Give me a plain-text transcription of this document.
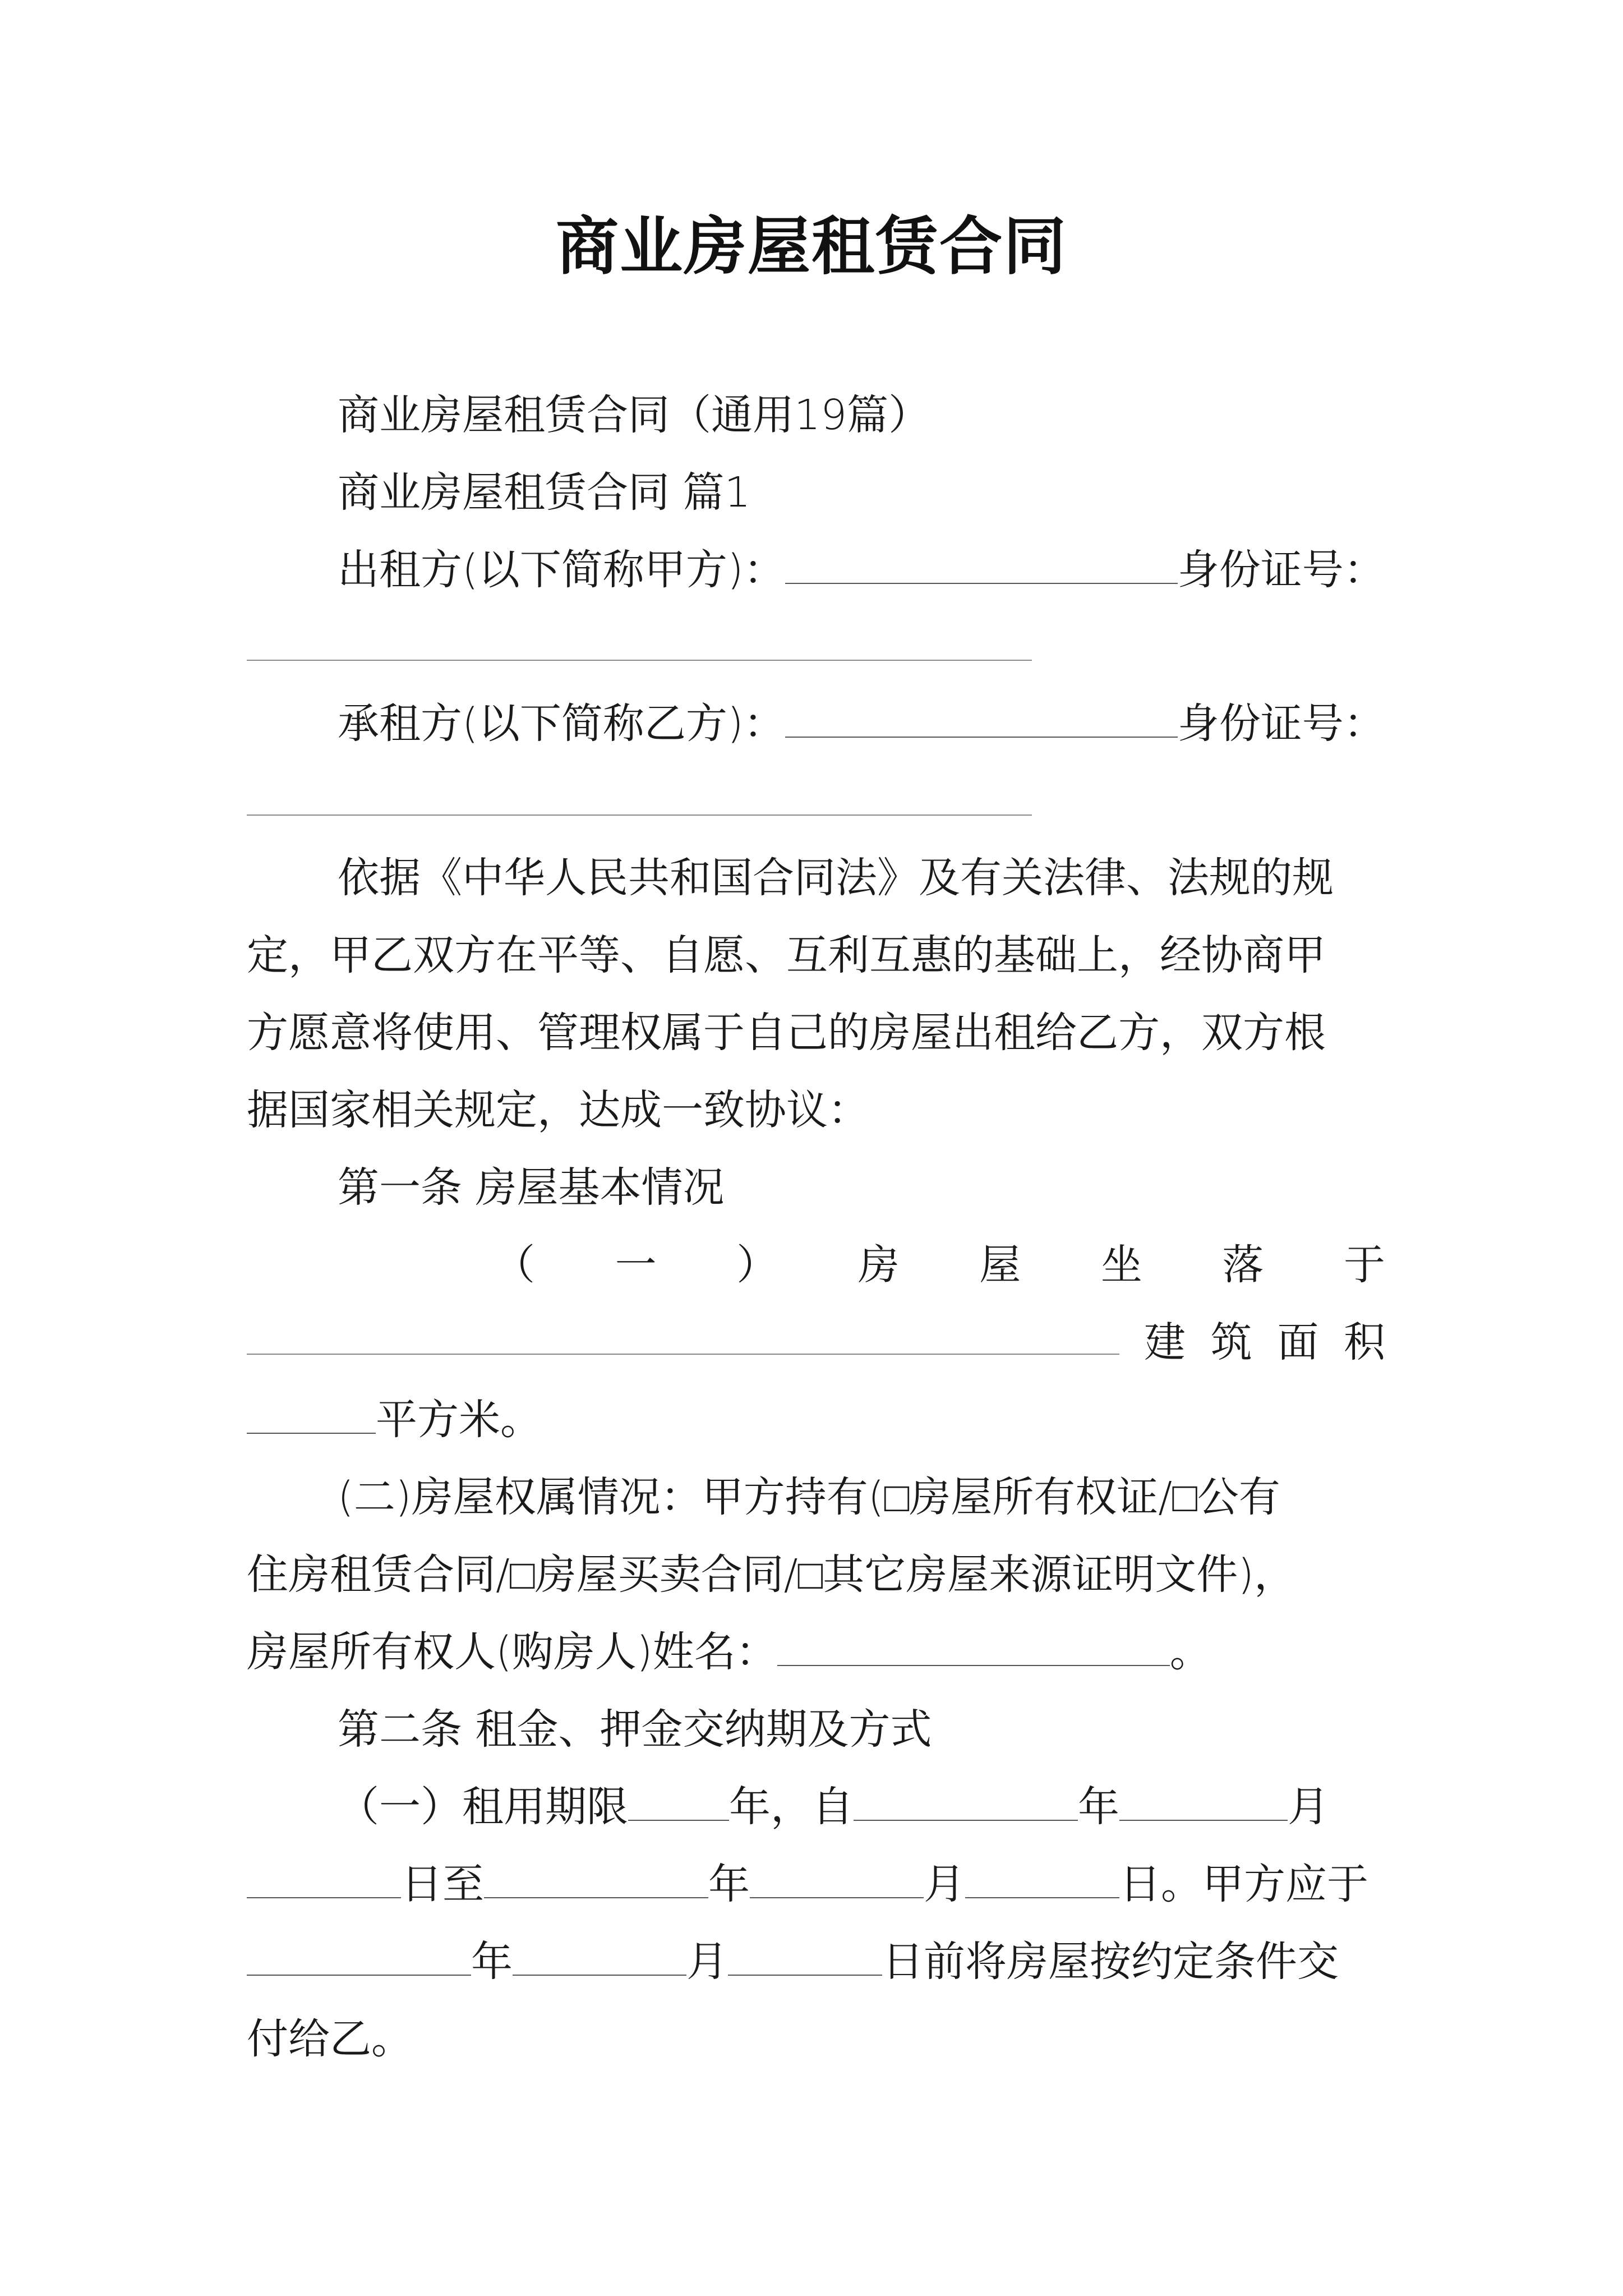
商业房屋租赁合同
商业房屋租赁合同（通用19篇）
商业房屋租赁合同 篇1
出租方(以下简称甲方)：	身份证号：
承租方(以下简称乙方)：	身份证号：
依据《中华人民共和国合同法》及有关法律、法规的规
定，甲乙双方在平等、自愿、互利互惠的基础上，经协商甲
方愿意将使用、管理权属于自己的房屋出租给乙方，双方根
据国家相关规定，达成一致协议：
第一条 房屋基本情况
（ 一 ） 房 屋 坐 落 于
建 筑 面 积
平方米。
(二)房屋权属情况：甲方持有(□房屋所有权证/□公有
住房租赁合同/□房屋买卖合同/□其它房屋来源证明文件)，
房屋所有权人(购房人)姓名：	。
第二条 租金、押金交纳期及方式
（一）租用期限 年，自	年	月
日至	年	月	日。甲方应于
年	月	日前将房屋按约定条件交
付给乙。
